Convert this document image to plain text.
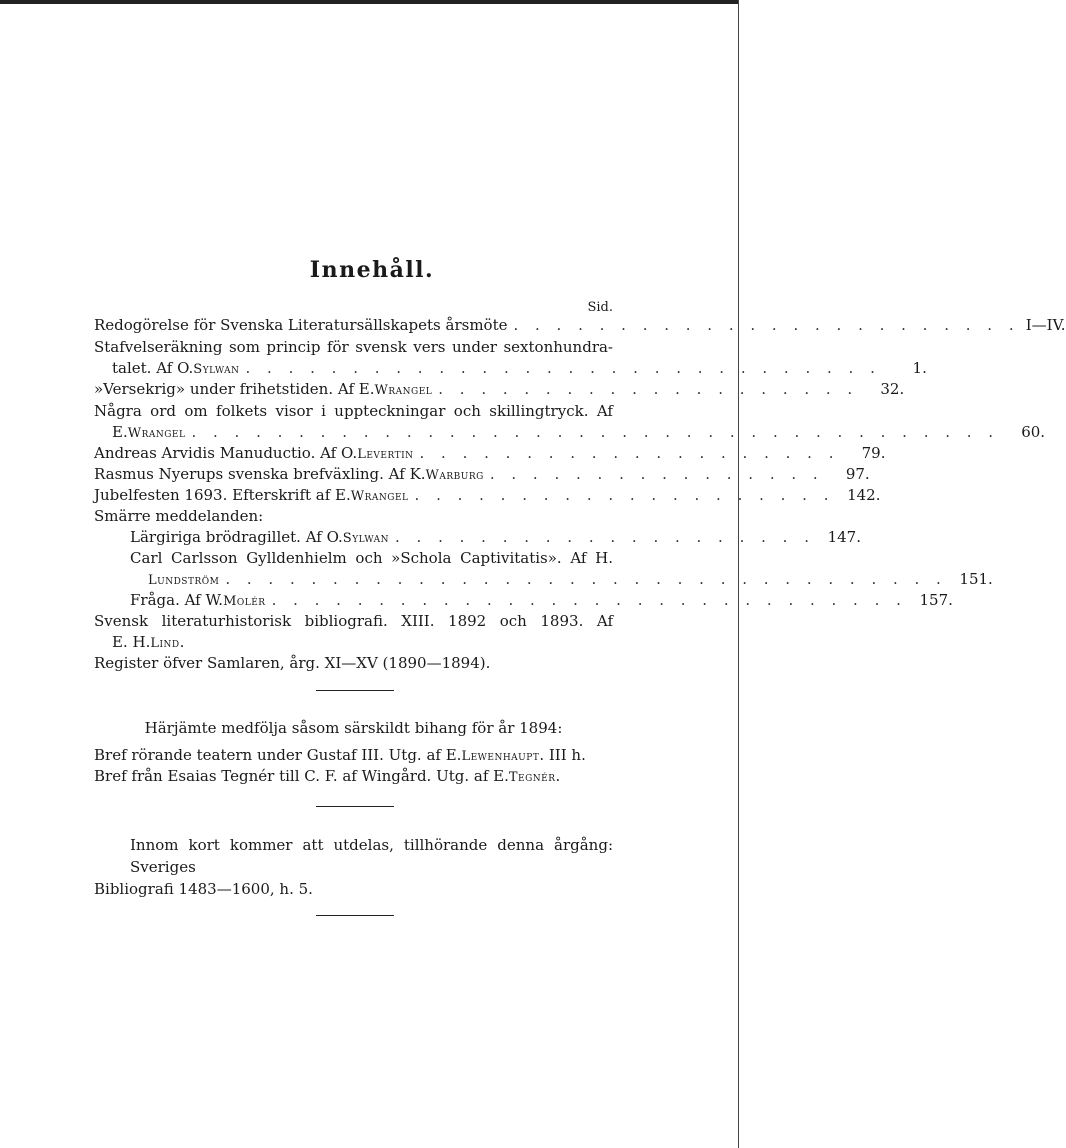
Innehåll.
Sid.
Redogörelse för Svenska Literatursällskapets årsmöte . . . . . . . . . . . . . . . . . . . . . . . . I—IV.
Stafvelseräkning som princip för svensk vers under sextonhundra-
talet. Af O. Sylwan . . . . . . . . . . . . . . . . . . . . . . . . . . . . . .	1.
»Versekrig» under frihetstiden. Af E. Wrangel . . . . . . . . . . . . . . . . . . . .	32.
Några ord om folkets visor i uppteckningar och skillingtryck. Af
E. Wrangel . . . . . . . . . . . . . . . . . . . . . . . . . . . . . . . . . . . . . .	60.
Andreas Arvidis Manuductio. Af O. Levertin . . . . . . . . . . . . . . . . . . . .	79.
Rasmus Nyerups svenska brefväxling. Af K. Warburg . . . . . . . . . . . . . . . .	97.
Jubelfesten 1693. Efterskrift af E. Wrangel . . . . . . . . . . . . . . . . . . . . 142.
Smärre meddelanden:
Lärgiriga brödragillet. Af O. Sylwan . . . . . . . . . . . . . . . . . . . . 147.
Carl Carlsson Gylldenhielm och »Schola Captivitatis». Af H.
Lundström . . . . . . . . . . . . . . . . . . . . . . . . . . . . . . . . . . 151.
Fråga. Af W. Molér . . . . . . . . . . . . . . . . . . . . . . . . . . . . . . 157.
Svensk literaturhistorisk bibliografi. XIII. 1892 och 1893. Af
E. H. Lind .
Register öfver Samlaren, årg. XI—XV (1890—1894).
Härjämte medfölja såsom särskildt bihang för år 1894:
Bref rörande teatern under Gustaf III. Utg. af E. Lewenhaupt . III h.
Bref från Esaias Tegnér till C. F. af Wingård. Utg. af E. Tegnér .
Innom kort kommer att utdelas, tillhörande denna årgång: Sveriges
Bibliografi 1483—1600, h. 5.
